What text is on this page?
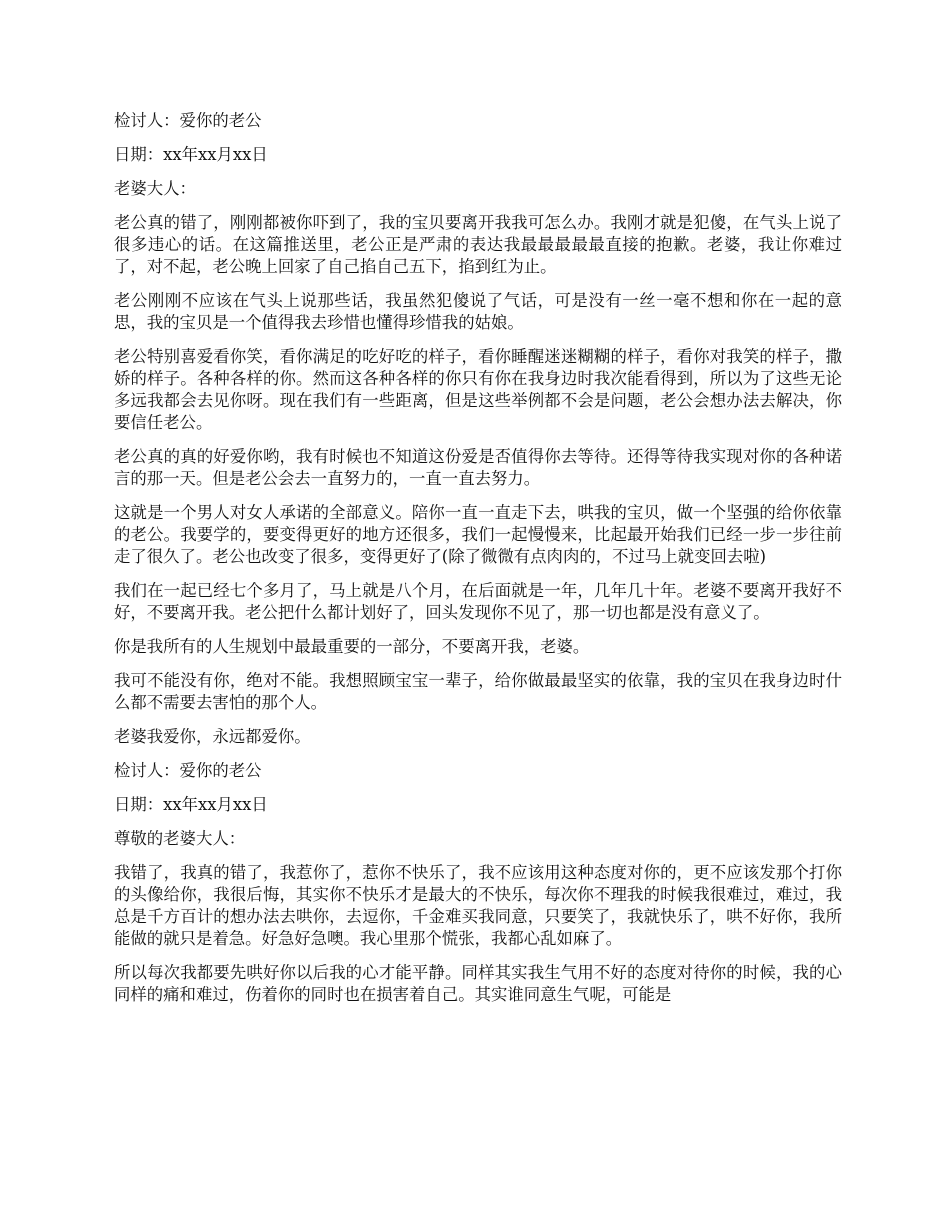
检讨人：爱你的老公

日期：xx年xx月xx日

老婆大人：

老公真的错了，刚刚都被你吓到了，我的宝贝要离开我我可怎么办。我刚才就是犯傻，在气头上说了很多违心的话。在这篇推送里，老公正是严肃的表达我最最最最最直接的抱歉。老婆，我让你难过了，对不起，老公晚上回家了自己掐自己五下，掐到红为止。

老公刚刚不应该在气头上说那些话，我虽然犯傻说了气话，可是没有一丝一毫不想和你在一起的意思，我的宝贝是一个值得我去珍惜也懂得珍惜我的姑娘。

老公特别喜爱看你笑，看你满足的吃好吃的样子，看你睡醒迷迷糊糊的样子，看你对我笑的样子，撒娇的样子。各种各样的你。然而这各种各样的你只有你在我身边时我次能看得到，所以为了这些无论多远我都会去见你呀。现在我们有一些距离，但是这些举例都不会是问题，老公会想办法去解决，你要信任老公。

老公真的真的好爱你哟，我有时候也不知道这份爱是否值得你去等待。还得等待我实现对你的各种诺言的那一天。但是老公会去一直努力的，一直一直去努力。

这就是一个男人对女人承诺的全部意义。陪你一直一直走下去，哄我的宝贝，做一个坚强的给你依靠的老公。我要学的，要变得更好的地方还很多，我们一起慢慢来，比起最开始我们已经一步一步往前走了很久了。老公也改变了很多，变得更好了(除了微微有点肉肉的，不过马上就变回去啦)

我们在一起已经七个多月了，马上就是八个月，在后面就是一年，几年几十年。老婆不要离开我好不好，不要离开我。老公把什么都计划好了，回头发现你不见了，那一切也都是没有意义了。

你是我所有的人生规划中最最重要的一部分，不要离开我，老婆。

我可不能没有你，绝对不能。我想照顾宝宝一辈子，给你做最最坚实的依靠，我的宝贝在我身边时什么都不需要去害怕的那个人。

老婆我爱你，永远都爱你。

检讨人：爱你的老公

日期：xx年xx月xx日

尊敬的老婆大人：

我错了，我真的错了，我惹你了，惹你不快乐了，我不应该用这种态度对你的，更不应该发那个打你的头像给你，我很后悔，其实你不快乐才是最大的不快乐，每次你不理我的时候我很难过，难过，我总是千方百计的想办法去哄你，去逗你，千金难买我同意，只要笑了，我就快乐了，哄不好你，我所能做的就只是着急。好急好急噢。我心里那个慌张，我都心乱如麻了。

所以每次我都要先哄好你以后我的心才能平静。同样其实我生气用不好的态度对待你的时候，我的心同样的痛和难过，伤着你的同时也在损害着自己。其实谁同意生气呢，可能是
